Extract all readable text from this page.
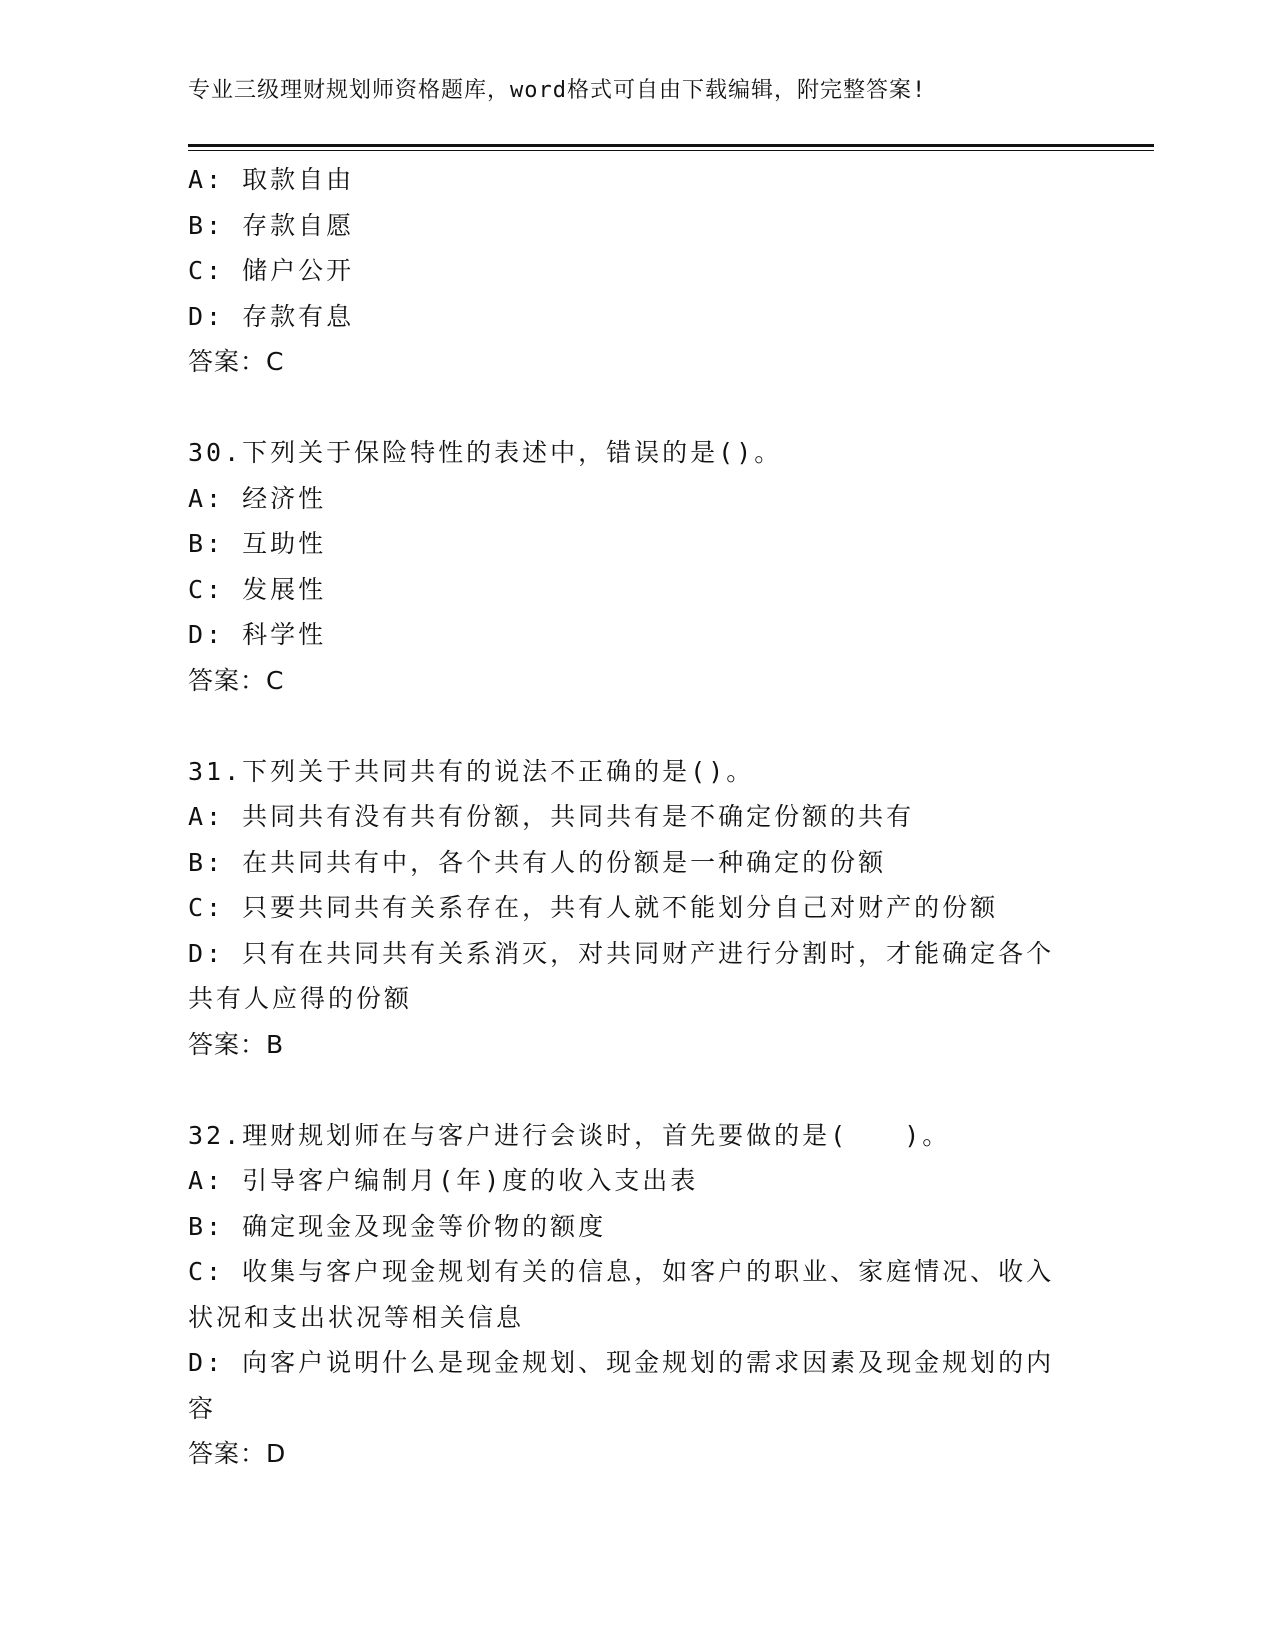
专业三级理财规划师资格题库，word格式可自由下载编辑，附完整答案!
A: 取款自由
B: 存款自愿
C: 储户公开
D: 存款有息
答案：C
30.下列关于保险特性的表述中，错误的是()。
A: 经济性
B: 互助性
C: 发展性
D: 科学性
答案：C
31.下列关于共同共有的说法不正确的是()。
A: 共同共有没有共有份额，共同共有是不确定份额的共有
B: 在共同共有中，各个共有人的份额是一种确定的份额
C: 只要共同共有关系存在，共有人就不能划分自己对财产的份额
D: 只有在共同共有关系消灭，对共同财产进行分割时，才能确定各个
共有人应得的份额
答案：B
32.理财规划师在与客户进行会谈时，首先要做的是(　　)。
A: 引导客户编制月(年)度的收入支出表
B: 确定现金及现金等价物的额度
C: 收集与客户现金规划有关的信息，如客户的职业、家庭情况、收入
状况和支出状况等相关信息
D: 向客户说明什么是现金规划、现金规划的需求因素及现金规划的内
容
答案：D
